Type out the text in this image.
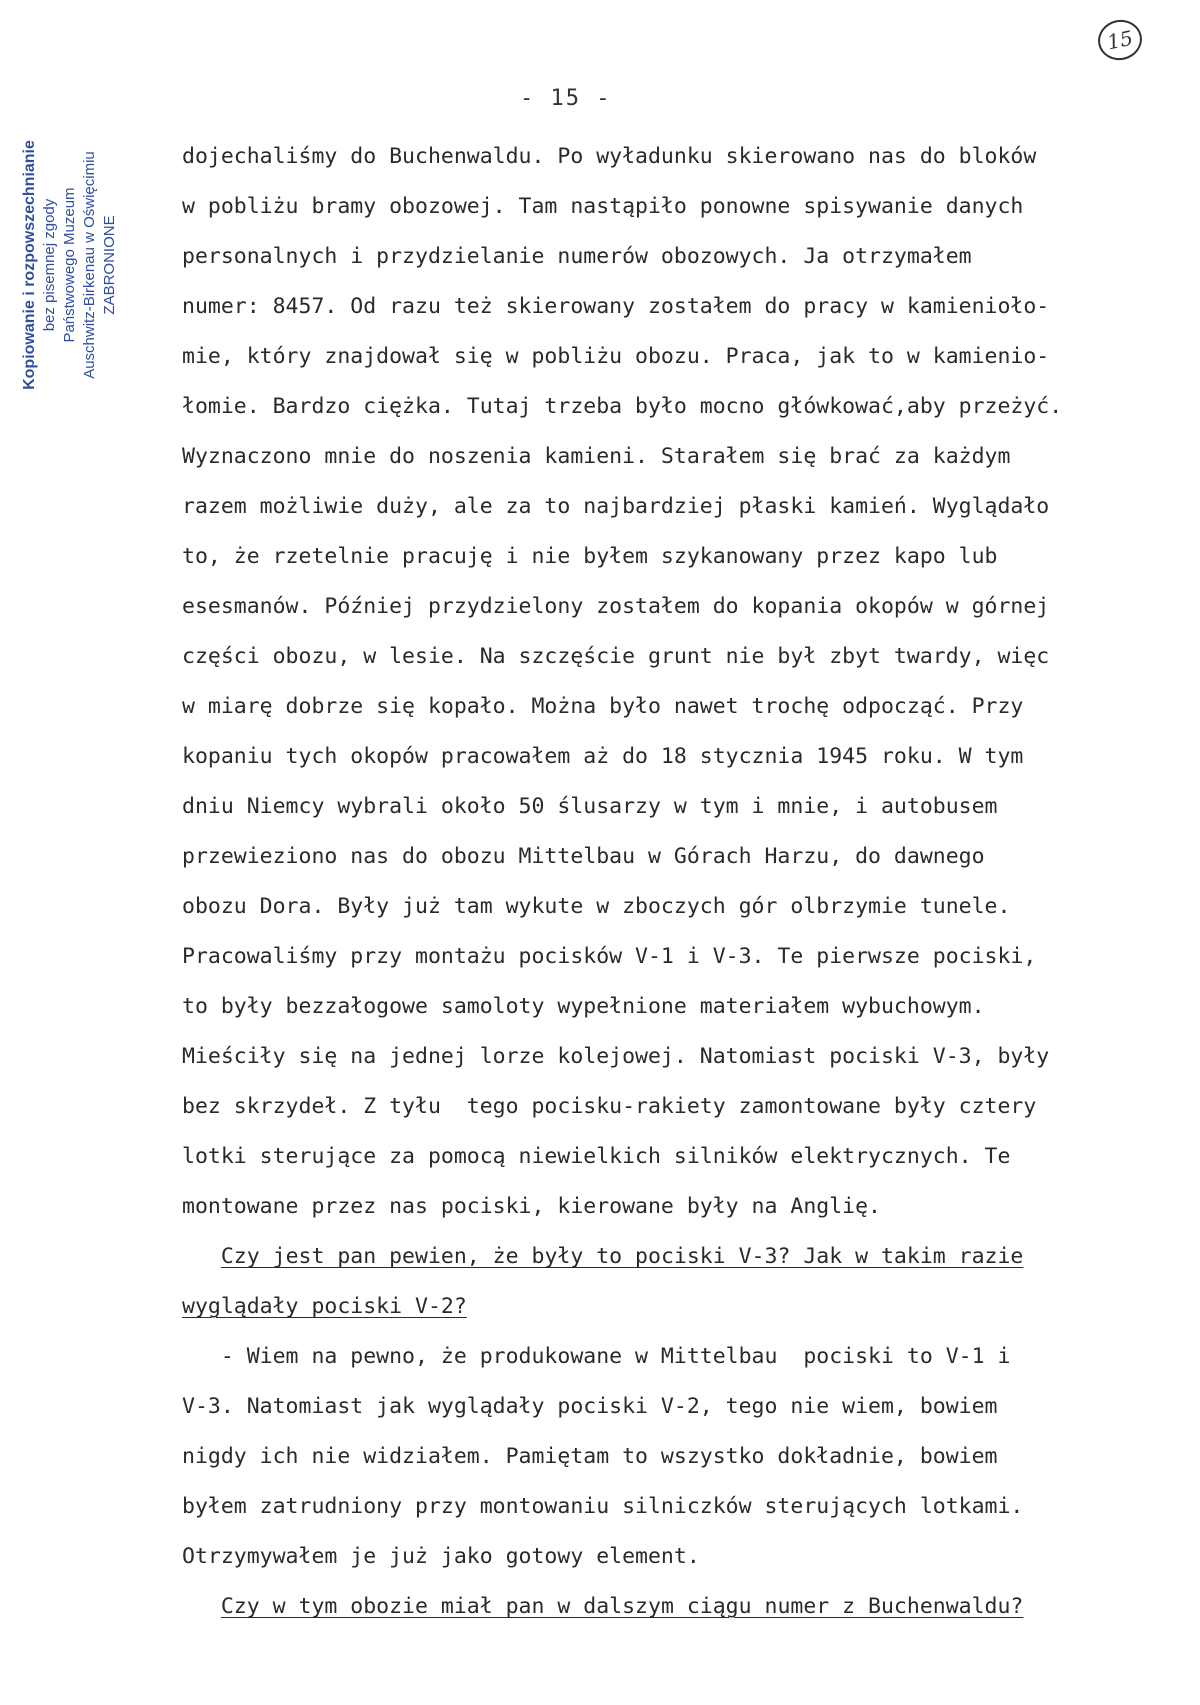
15
- 15 -
Kopiowanie i rozpowszechnianie bez pisemnej zgody Państwowego Muzeum Auschwitz-Birkenau w Oświęcimiu ZABRONIONE
dojechaliśmy do Buchenwaldu. Po wyładunku skierowano nas do bloków
w pobliżu bramy obozowej. Tam nastąpiło ponowne spisywanie danych
personalnych i przydzielanie numerów obozowych. Ja otrzymałem
numer: 8457. Od razu też skierowany zostałem do pracy w kamienioło-
mie, który znajdował się w pobliżu obozu. Praca, jak to w kamienio-
łomie. Bardzo ciężka. Tutaj trzeba było mocno główkować,aby przeżyć.
Wyznaczono mnie do noszenia kamieni. Starałem się brać za każdym
razem możliwie duży, ale za to najbardziej płaski kamień. Wyglądało
to, że rzetelnie pracuję i nie byłem szykanowany przez kapo lub
esesmanów. Później przydzielony zostałem do kopania okopów w górnej
części obozu, w lesie. Na szczęście grunt nie był zbyt twardy, więc
w miarę dobrze się kopało. Można było nawet trochę odpocząć. Przy
kopaniu tych okopów pracowałem aż do 18 stycznia 1945 roku. W tym
dniu Niemcy wybrali około 50 ślusarzy w tym i mnie, i autobusem
przewieziono nas do obozu Mittelbau w Górach Harzu, do dawnego
obozu Dora. Były już tam wykute w zboczych gór olbrzymie tunele.
Pracowaliśmy przy montażu pocisków V-1 i V-3. Te pierwsze pociski,
to były bezzałogowe samoloty wypełnione materiałem wybuchowym.
Mieściły się na jednej lorze kolejowej. Natomiast pociski V-3, były
bez skrzydeł. Z tyłu  tego pocisku-rakiety zamontowane były cztery
lotki sterujące za pomocą niewielkich silników elektrycznych. Te
montowane przez nas pociski, kierowane były na Anglię.
Czy jest pan pewien, że były to pociski V-3? Jak w takim razie
wyglądały pociski V-2?
- Wiem na pewno, że produkowane w Mittelbau  pociski to V-1 i
V-3. Natomiast jak wyglądały pociski V-2, tego nie wiem, bowiem
nigdy ich nie widziałem. Pamiętam to wszystko dokładnie, bowiem
byłem zatrudniony przy montowaniu silniczków sterujących lotkami.
Otrzymywałem je już jako gotowy element.
Czy w tym obozie miał pan w dalszym ciągu numer z Buchenwaldu?
